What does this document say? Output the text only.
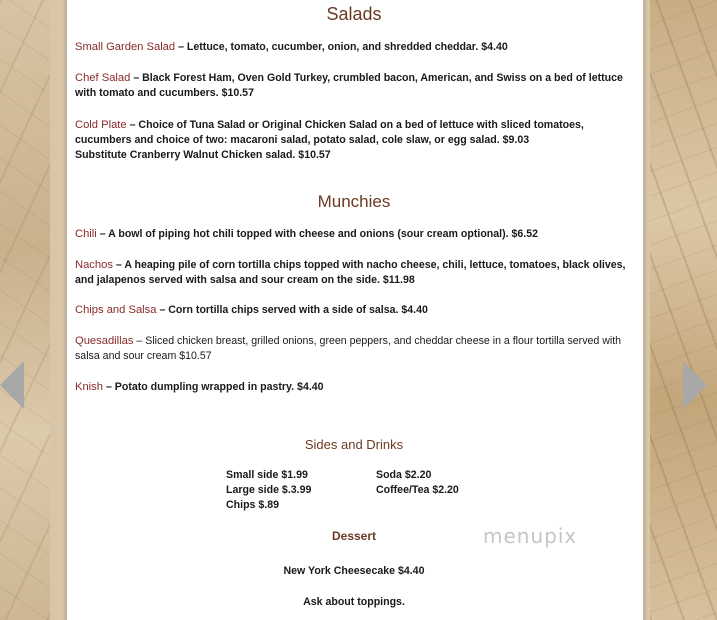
Salads
Small Garden Salad – Lettuce, tomato, cucumber, onion, and shredded cheddar. $4.40
Chef Salad – Black Forest Ham, Oven Gold Turkey, crumbled bacon, American, and Swiss on a bed of lettuce with tomato and cucumbers. $10.57
Cold Plate – Choice of Tuna Salad or Original Chicken Salad on a bed of lettuce with sliced tomatoes, cucumbers and choice of two: macaroni salad, potato salad, cole slaw, or egg salad. $9.03
Substitute Cranberry Walnut Chicken salad. $10.57
Munchies
Chili – A bowl of piping hot chili topped with cheese and onions (sour cream optional). $6.52
Nachos – A heaping pile of corn tortilla chips topped with nacho cheese, chili, lettuce, tomatoes, black olives, and jalapenos served with salsa and sour cream on the side. $11.98
Chips and Salsa – Corn tortilla chips served with a side of salsa. $4.40
Quesadillas – Sliced chicken breast, grilled onions, green peppers, and cheddar cheese in a flour tortilla served with salsa and sour cream $10.57
Knish – Potato dumpling wrapped in pastry. $4.40
Sides and Drinks
Small side $1.99
Large side $.3.99
Chips $.89
Soda $2.20
Coffee/Tea $2.20
Dessert
New York Cheesecake $4.40
Ask about toppings.
menupix
